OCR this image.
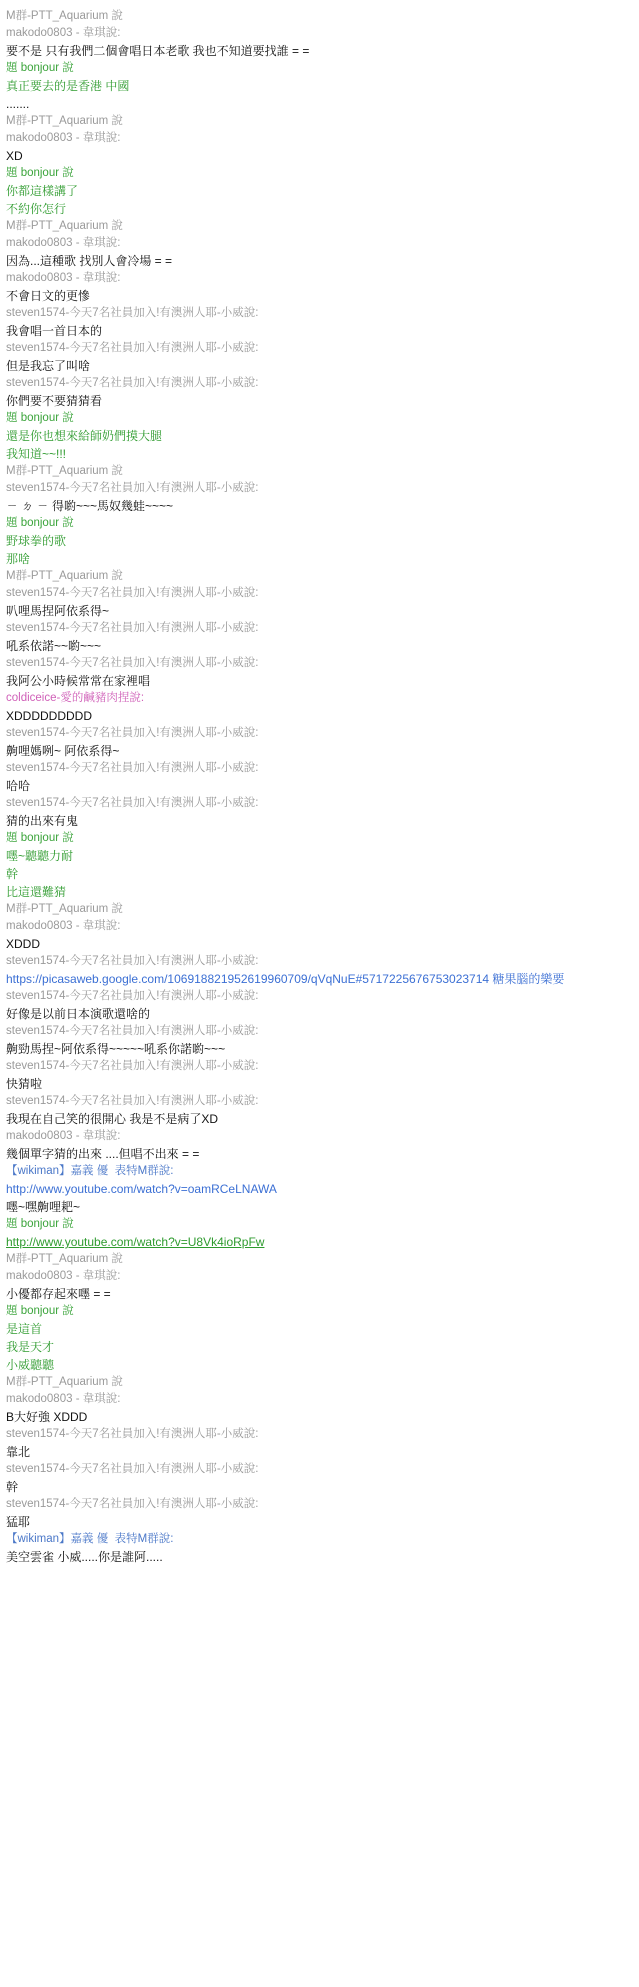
M群-PTT_Aquarium 說
makodo0803 - 韋琪說:
要不是 只有我們二個會唱日本老歌 我也不知道要找誰 = =
題 bonjour 說
真正要去的是香港 中國
.......
M群-PTT_Aquarium 說
makodo0803 - 韋琪說:
XD
題 bonjour 說
你都這樣講了
不約你怎行
M群-PTT_Aquarium 說
makodo0803 - 韋琪說:
因為...這種歌 找別人會冷場 = =
makodo0803 - 韋琪說:
不會日文的更慘
steven1574-今天7名社員加入!有澳洲人耶-小威說:
我會唱一首日本的
steven1574-今天7名社員加入!有澳洲人耶-小威說:
但是我忘了叫啥
steven1574-今天7名社員加入!有澳洲人耶-小威說:
你們要不要猜猜看
題 bonjour 說
還是你也想來給師奶們摸大腿
我知道~~!!!
M群-PTT_Aquarium 說
steven1574-今天7名社員加入!有澳洲人耶-小威說:
ㄧ ㄉ ㄧ 得喲~~~馬奴幾蛙~~~~
題 bonjour 說
野球拳的歌
那啥
M群-PTT_Aquarium 說
steven1574-今天7名社員加入!有澳洲人耶-小威說:
叭哩馬捏阿依系得~
steven1574-今天7名社員加入!有澳洲人耶-小威說:
吼系依諾~~喲~~~
steven1574-今天7名社員加入!有澳洲人耶-小威說:
我阿公小時候常常在家裡唱
coldiceice-愛的鹹豬肉捏說:
XDDDDDDDDD
steven1574-今天7名社員加入!有澳洲人耶-小威說:
齁哩媽咧~ 阿依系得~
steven1574-今天7名社員加入!有澳洲人耶-小威說:
哈哈
steven1574-今天7名社員加入!有澳洲人耶-小威說:
猜的出來有鬼
題 bonjour 說
嚜~聽聽力耐
幹
比這還難猜
M群-PTT_Aquarium 說
makodo0803 - 韋琪說:
XDDD
steven1574-今天7名社員加入!有澳洲人耶-小威說:
https://picasaweb.google.com/106918821952619960709/qVqNuE#5717225676753023714 糖果腦的樂要
steven1574-今天7名社員加入!有澳洲人耶-小威說:
好像是以前日本演歌還啥的
steven1574-今天7名社員加入!有澳洲人耶-小威說:
齁勁馬捏~阿依系得~~~~~吼系你諾喲~~~
steven1574-今天7名社員加入!有澳洲人耶-小威說:
快猜啦
steven1574-今天7名社員加入!有澳洲人耶-小威說:
我現在自己笑的很開心 我是不是病了XD
makodo0803 - 韋琪說:
幾個單字猜的出來 ....但唱不出來 = =
【wikiman】嘉義 優  表特M群說:
http://www.youtube.com/watch?v=oamRCeLNAWA
嚜~嘿齁哩耙~
題 bonjour 說
http://www.youtube.com/watch?v=U8Vk4ioRpFw
M群-PTT_Aquarium 說
makodo0803 - 韋琪說:
小優都存起來嚜 = =
題 bonjour 說
是這首
我是天才
小威聽聽
M群-PTT_Aquarium 說
makodo0803 - 韋琪說:
B大好強 XDDD
steven1574-今天7名社員加入!有澳洲人耶-小威說:
靠北
steven1574-今天7名社員加入!有澳洲人耶-小威說:
幹
steven1574-今天7名社員加入!有澳洲人耶-小威說:
猛耶
【wikiman】嘉義 優  表特M群說:
美空雲雀 小威.....你是誰阿.....
